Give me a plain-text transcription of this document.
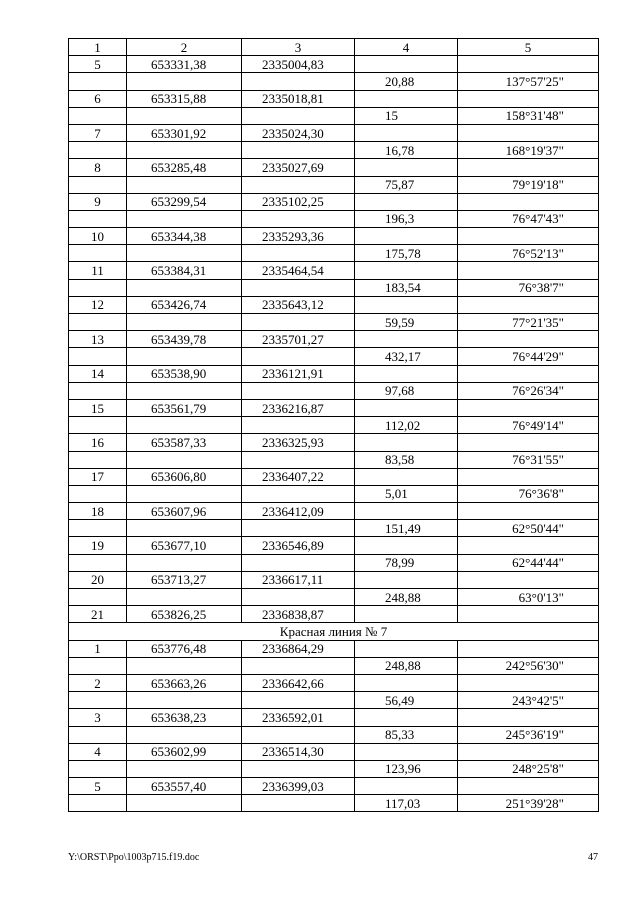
1	2	3	4	5
5	653331,38	2335004,83		
			20,88	137°57'25"
6	653315,88	2335018,81		
			15	158°31'48"
7	653301,92	2335024,30		
			16,78	168°19'37"
8	653285,48	2335027,69		
			75,87	79°19'18"
9	653299,54	2335102,25		
			196,3	76°47'43"
10	653344,38	2335293,36		
			175,78	76°52'13"
11	653384,31	2335464,54		
			183,54	76°38'7"
12	653426,74	2335643,12		
			59,59	77°21'35"
13	653439,78	2335701,27		
			432,17	76°44'29"
14	653538,90	2336121,91		
			97,68	76°26'34"
15	653561,79	2336216,87		
			112,02	76°49'14"
16	653587,33	2336325,93		
			83,58	76°31'55"
17	653606,80	2336407,22		
			5,01	76°36'8"
18	653607,96	2336412,09		
			151,49	62°50'44"
19	653677,10	2336546,89		
			78,99	62°44'44"
20	653713,27	2336617,11		
			248,88	63°0'13"
21	653826,25	2336838,87		
Красная линия № 7				
1	653776,48	2336864,29		
			248,88	242°56'30"
2	653663,26	2336642,66		
			56,49	243°42'5"
3	653638,23	2336592,01		
			85,33	245°36'19"
4	653602,99	2336514,30		
			123,96	248°25'8"
5	653557,40	2336399,03		
			117,03	251°39'28"
Y:\ORST\Ppo\1003p715.f19.doc	47
